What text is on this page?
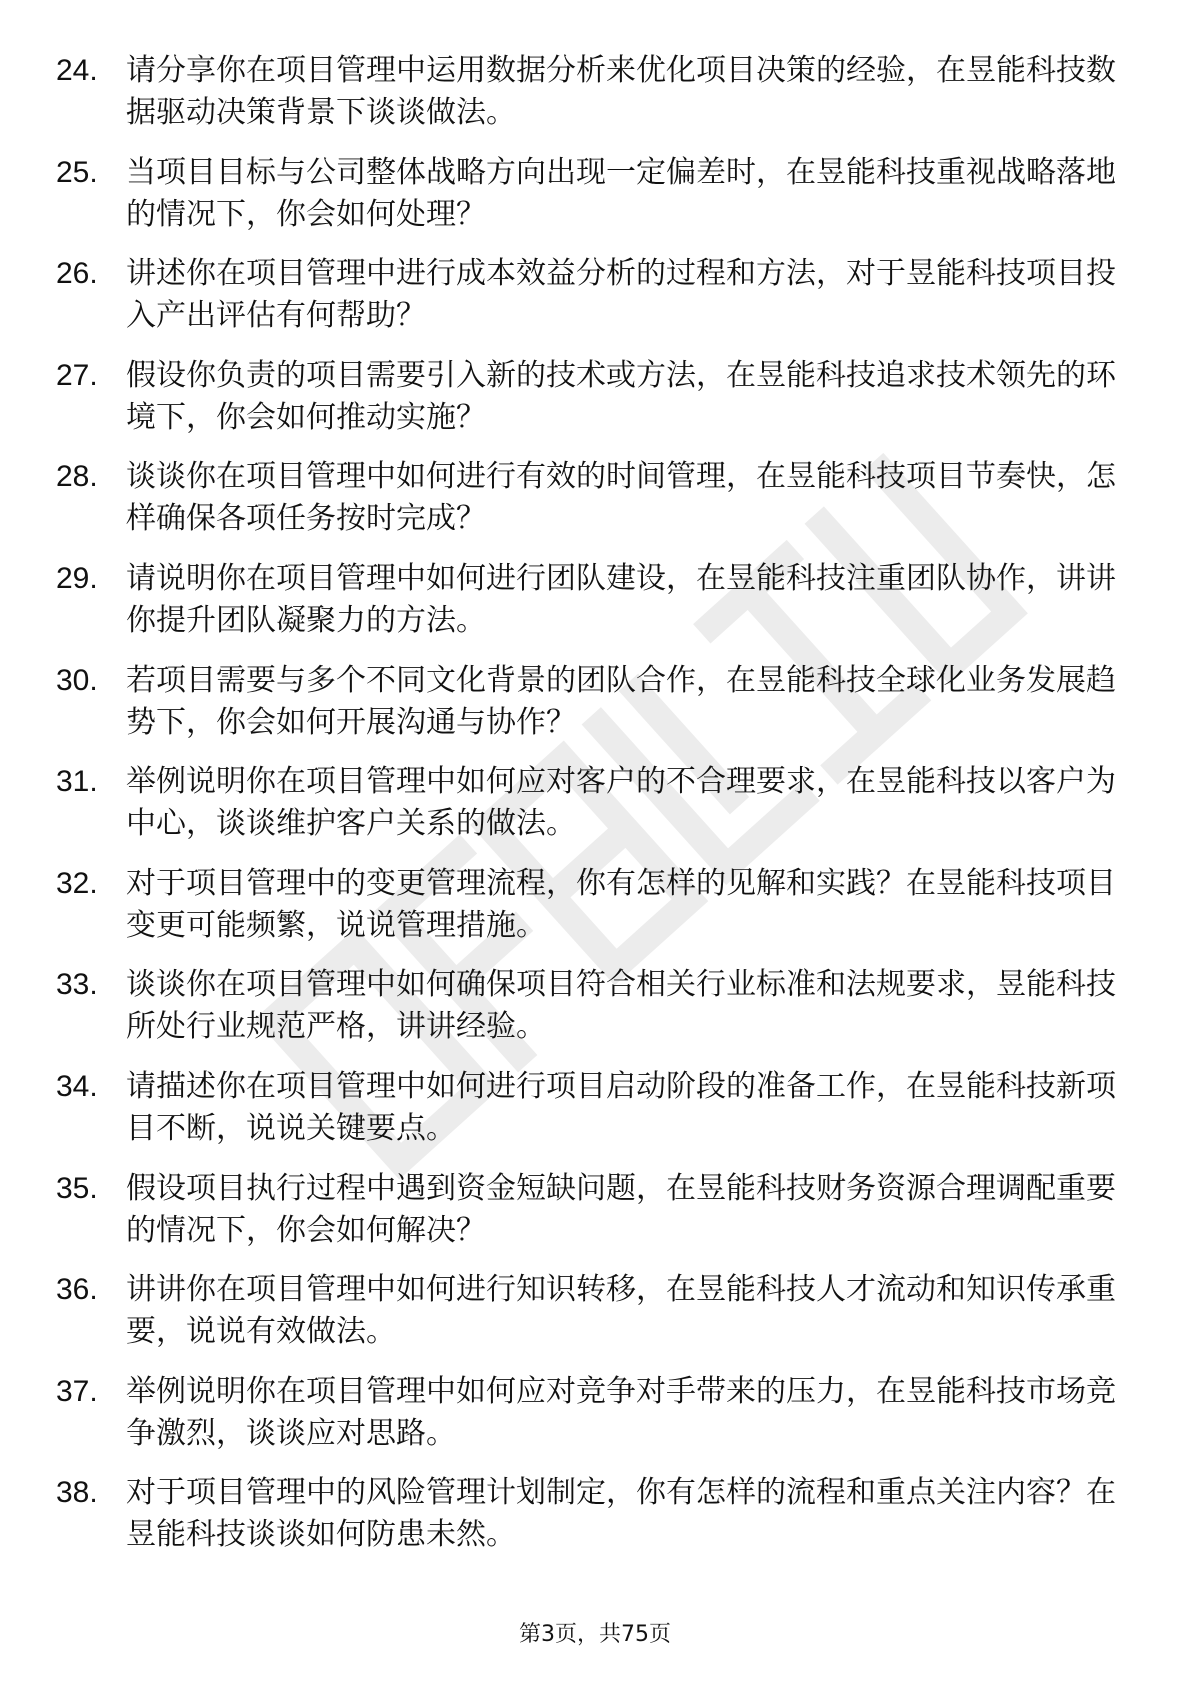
24. 请分享你在项目管理中运用数据分析来优化项目决策的经验，在昱能科技数据驱动决策背景下谈谈做法。
25. 当项目目标与公司整体战略方向出现一定偏差时，在昱能科技重视战略落地的情况下，你会如何处理？
26. 讲述你在项目管理中进行成本效益分析的过程和方法，对于昱能科技项目投入产出评估有何帮助？
27. 假设你负责的项目需要引入新的技术或方法，在昱能科技追求技术领先的环境下，你会如何推动实施？
28. 谈谈你在项目管理中如何进行有效的时间管理，在昱能科技项目节奏快，怎样确保各项任务按时完成？
29. 请说明你在项目管理中如何进行团队建设，在昱能科技注重团队协作，讲讲你提升团队凝聚力的方法。
30. 若项目需要与多个不同文化背景的团队合作，在昱能科技全球化业务发展趋势下，你会如何开展沟通与协作？
31. 举例说明你在项目管理中如何应对客户的不合理要求，在昱能科技以客户为中心，谈谈维护客户关系的做法。
32. 对于项目管理中的变更管理流程，你有怎样的见解和实践？在昱能科技项目变更可能频繁，说说管理措施。
33. 谈谈你在项目管理中如何确保项目符合相关行业标准和法规要求，昱能科技所处行业规范严格，讲讲经验。
34. 请描述你在项目管理中如何进行项目启动阶段的准备工作，在昱能科技新项目不断，说说关键要点。
35. 假设项目执行过程中遇到资金短缺问题，在昱能科技财务资源合理调配重要的情况下，你会如何解决？
36. 讲讲你在项目管理中如何进行知识转移，在昱能科技人才流动和知识传承重要，说说有效做法。
37. 举例说明你在项目管理中如何应对竞争对手带来的压力，在昱能科技市场竞争激烈，谈谈应对思路。
38. 对于项目管理中的风险管理计划制定，你有怎样的流程和重点关注内容？在昱能科技谈谈如何防患未然。
第3页，共75页
